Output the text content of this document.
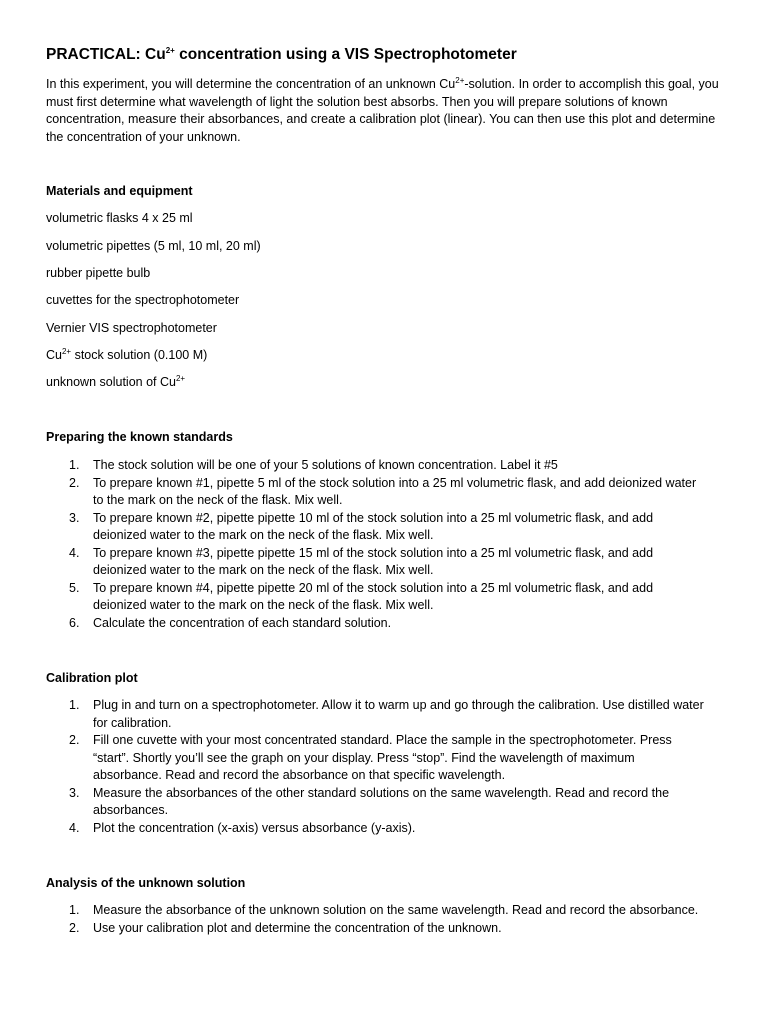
PRACTICAL: $Cu^{2+}$ concentration using a VIS Spectrophotometer
In this experiment, you will determine the concentration of an unknown $Cu^{2+}$-solution. In order to accomplish this goal, you must first determine what wavelength of light the solution best absorbs. Then you will prepare solutions of known concentration, measure their absorbances, and create a calibration plot (linear). You can then use this plot and determine the concentration of your unknown.
Materials and equipment
volumetric flasks 4 x 25 ml
volumetric pipettes (5 ml, 10 ml, 20 ml)
rubber pipette bulb
cuvettes for the spectrophotometer
Vernier VIS spectrophotometer
$Cu^{2+}$ stock solution (0.100 M)
unknown solution of $Cu^{2+}$
Preparing the known standards
1. The stock solution will be one of your 5 solutions of known concentration. Label it #5
2. To prepare known #1, pipette 5 ml of the stock solution into a 25 ml volumetric flask, and add deionized water to the mark on the neck of the flask. Mix well.
3. To prepare known #2, pipette pipette 10 ml of the stock solution into a 25 ml volumetric flask, and add deionized water to the mark on the neck of the flask. Mix well.
4. To prepare known #3, pipette pipette 15 ml of the stock solution into a 25 ml volumetric flask, and add deionized water to the mark on the neck of the flask. Mix well.
5. To prepare known #4, pipette pipette 20 ml of the stock solution into a 25 ml volumetric flask, and add deionized water to the mark on the neck of the flask. Mix well.
6. Calculate the concentration of each standard solution.
Calibration plot
1. Plug in and turn on a spectrophotometer. Allow it to warm up and go through the calibration. Use distilled water for calibration.
2. Fill one cuvette with your most concentrated standard. Place the sample in the spectrophotometer. Press “start”. Shortly you’ll see the graph on your display. Press “stop”. Find the wavelength of maximum absorbance. Read and record the absorbance on that specific wavelength.
3. Measure the absorbances of the other standard solutions on the same wavelength. Read and record the absorbances.
4. Plot the concentration (x-axis) versus absorbance (y-axis).
Analysis of the unknown solution
1. Measure the absorbance of the unknown solution on the same wavelength. Read and record the absorbance.
2. Use your calibration plot and determine the concentration of the unknown.
